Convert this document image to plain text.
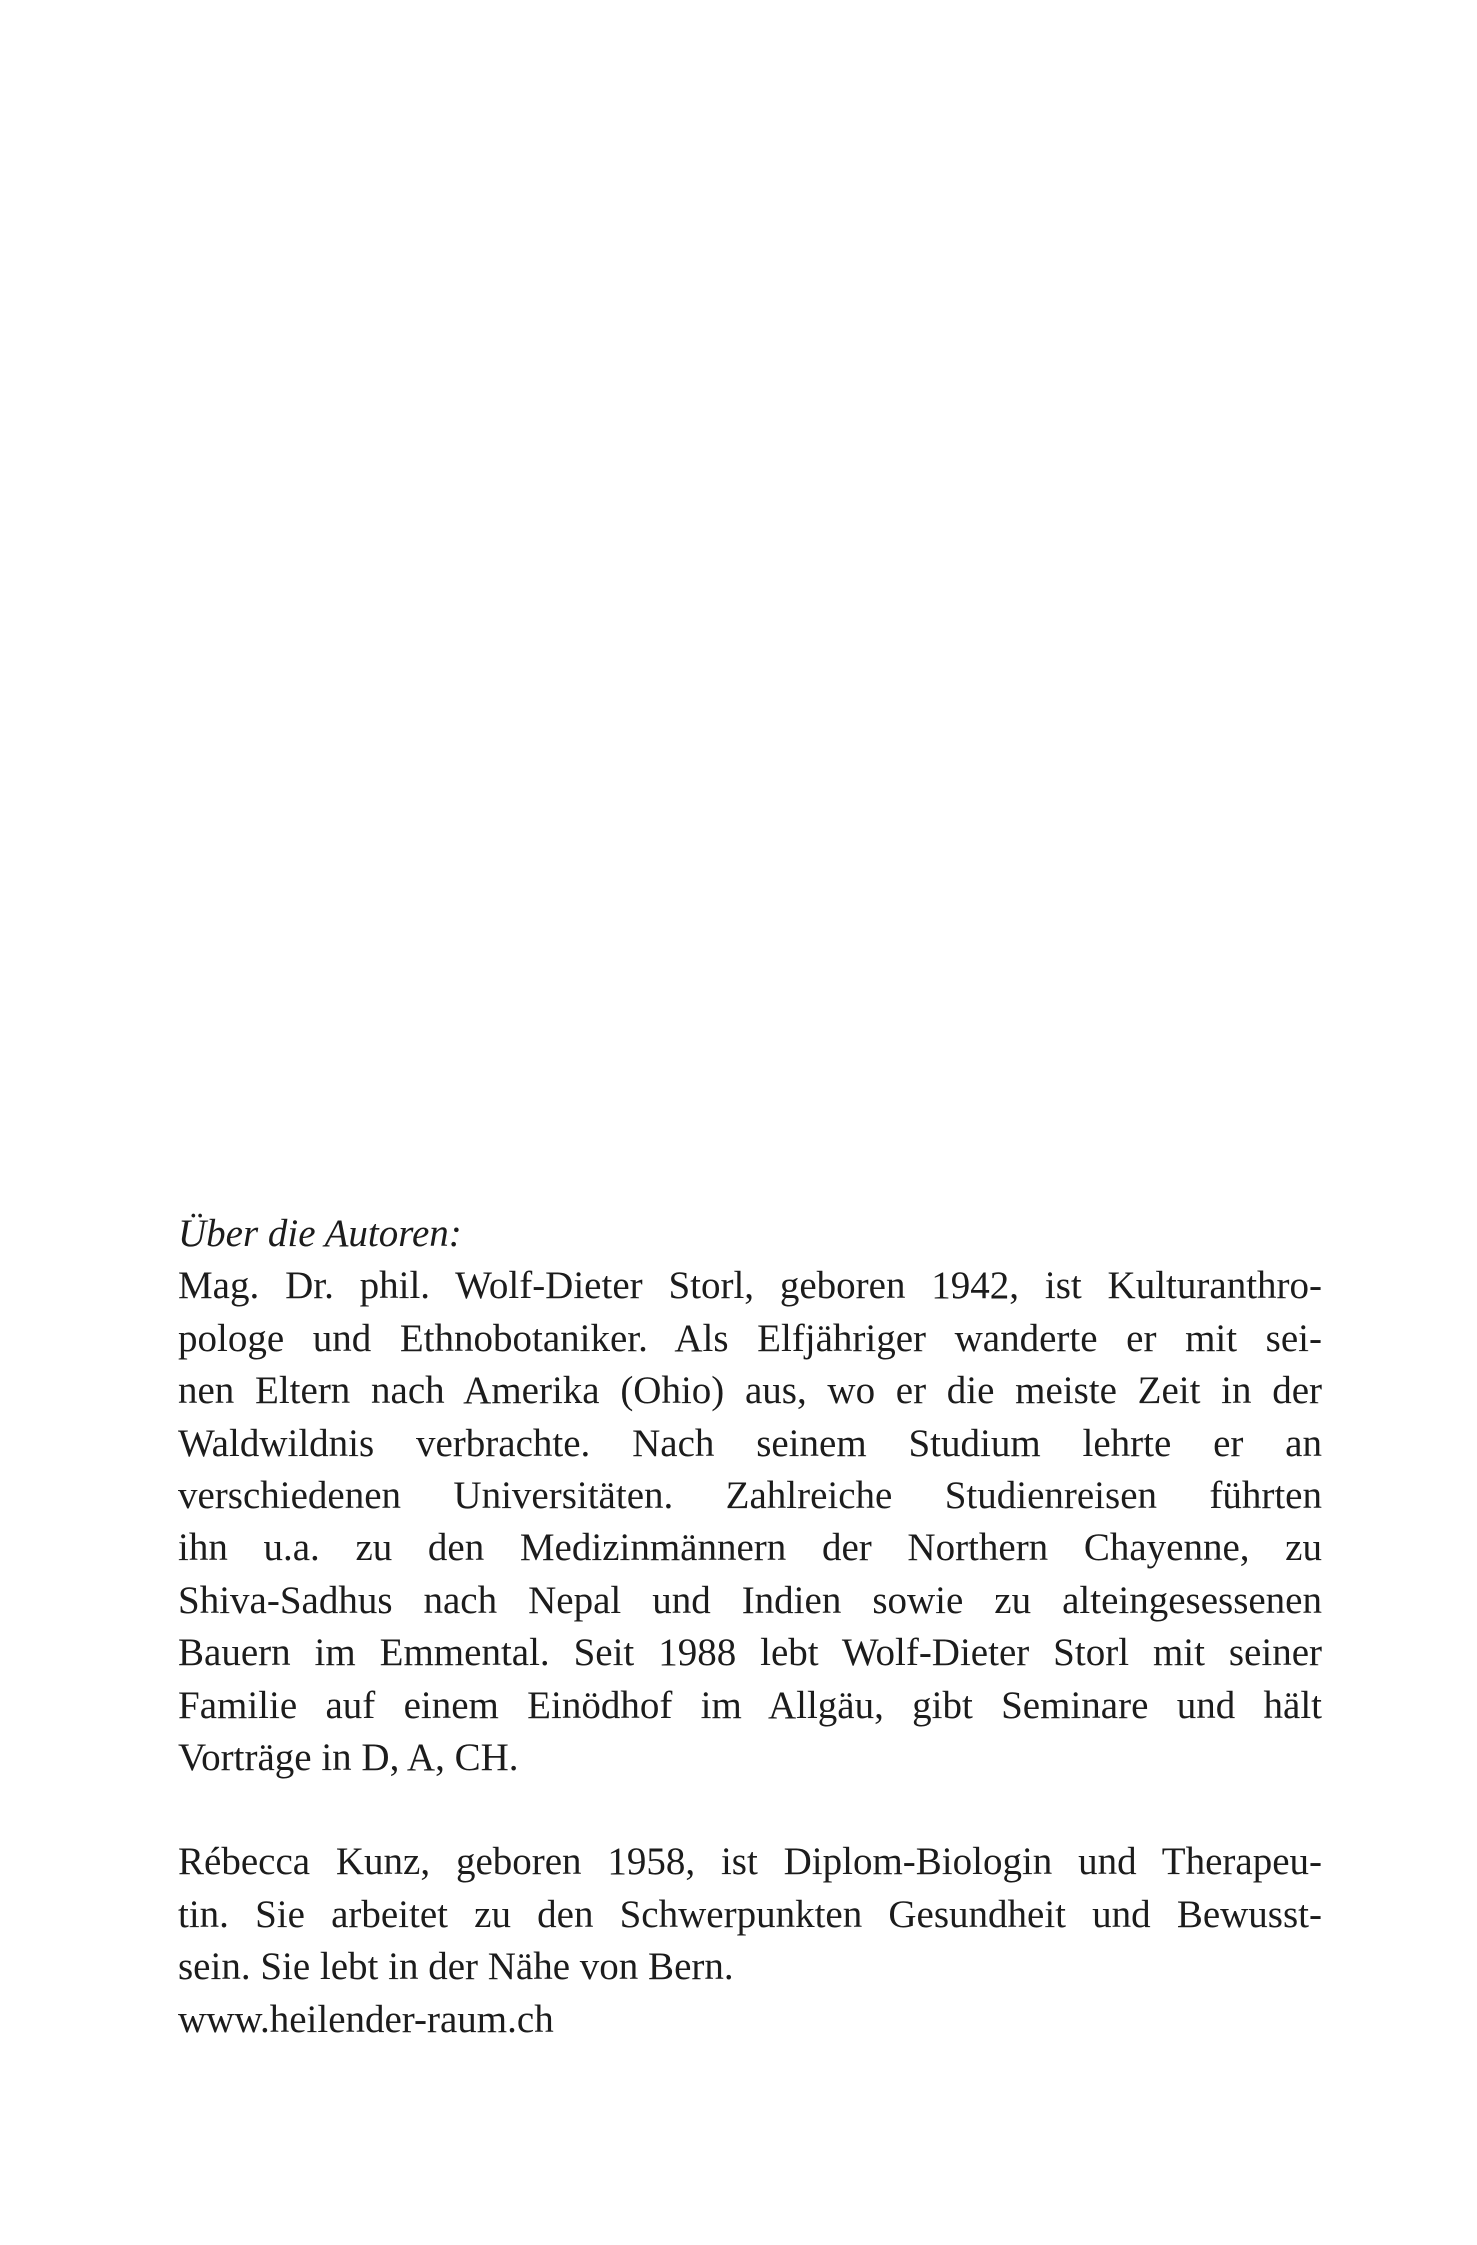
Über die Autoren:
Mag. Dr. phil. Wolf-Dieter Storl, geboren 1942, ist Kulturanthro-
pologe und Ethnobotaniker. Als Elfjähriger wanderte er mit sei-
nen Eltern nach Amerika (Ohio) aus, wo er die meiste Zeit in der
Waldwildnis verbrachte. Nach seinem Studium lehrte er an
verschiedenen Universitäten. Zahlreiche Studienreisen führten
ihn u.a. zu den Medizinmännern der Northern Chayenne, zu
Shiva-Sadhus nach Nepal und Indien sowie zu alteingesessenen
Bauern im Emmental. Seit 1988 lebt Wolf-Dieter Storl mit seiner
Familie auf einem Einödhof im Allgäu, gibt Seminare und hält
Vorträge in D, A, CH.
Rébecca Kunz, geboren 1958, ist Diplom-Biologin und Therapeu-
tin. Sie arbeitet zu den Schwerpunkten Gesundheit und Bewusst-
sein. Sie lebt in der Nähe von Bern.
www.heilender-raum.ch
